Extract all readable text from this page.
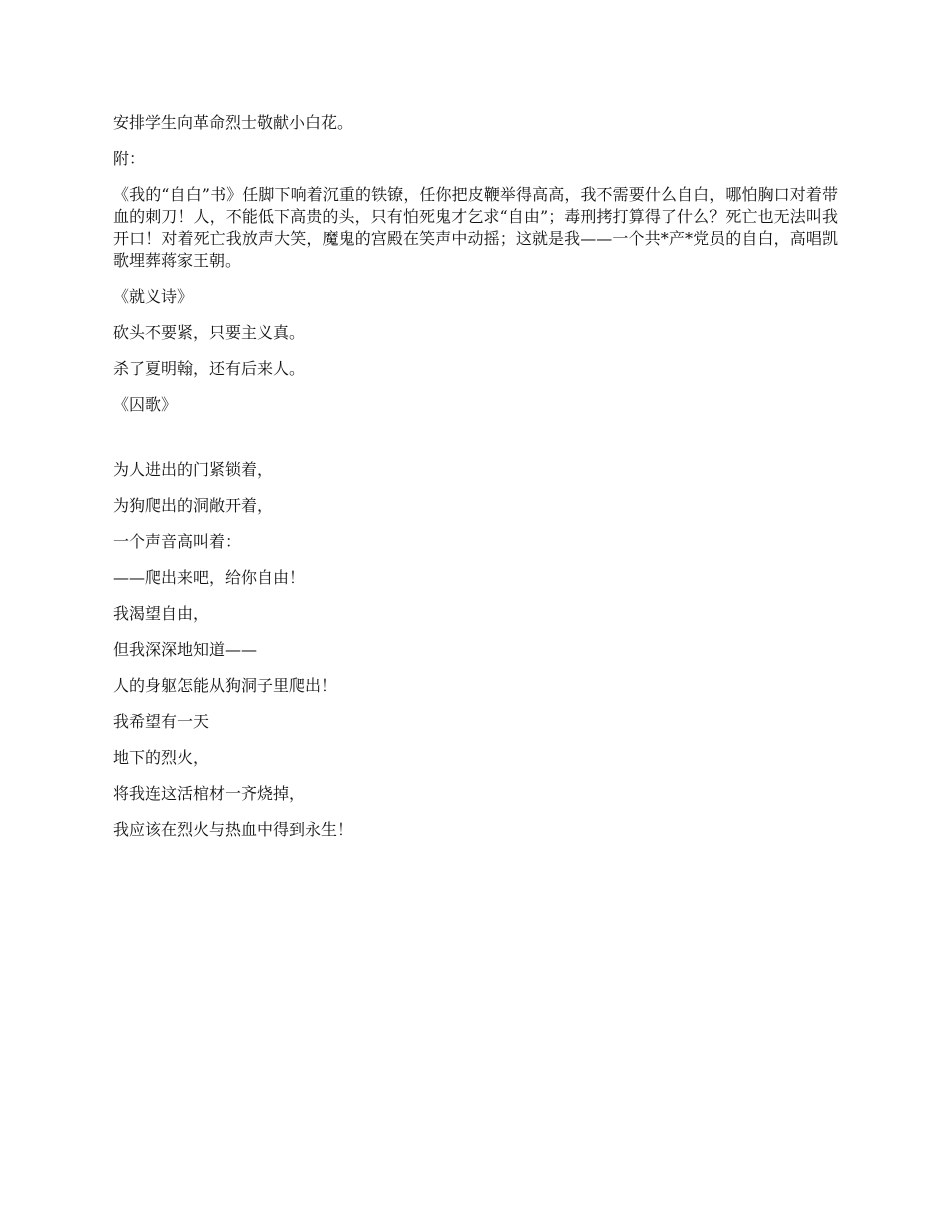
安排学生向革命烈士敬献小白花。

附：

《我的“自白”书》任脚下响着沉重的铁镣，任你把皮鞭举得高高，我不需要什么自白，哪怕胸口对着带血的刺刀！人，不能低下高贵的头，只有怕死鬼才乞求“自由”；毒刑拷打算得了什么？死亡也无法叫我开口！对着死亡我放声大笑，魔鬼的宫殿在笑声中动摇；这就是我——一个共*产*党员的自白，高唱凯歌埋葬蒋家王朝。

《就义诗》

砍头不要紧，只要主义真。

杀了夏明翰，还有后来人。

《囚歌》

为人进出的门紧锁着，

为狗爬出的洞敞开着，

一个声音高叫着：

——爬出来吧，给你自由！

我渴望自由，

但我深深地知道——

人的身躯怎能从狗洞子里爬出！

我希望有一天

地下的烈火，

将我连这活棺材一齐烧掉，

我应该在烈火与热血中得到永生！
